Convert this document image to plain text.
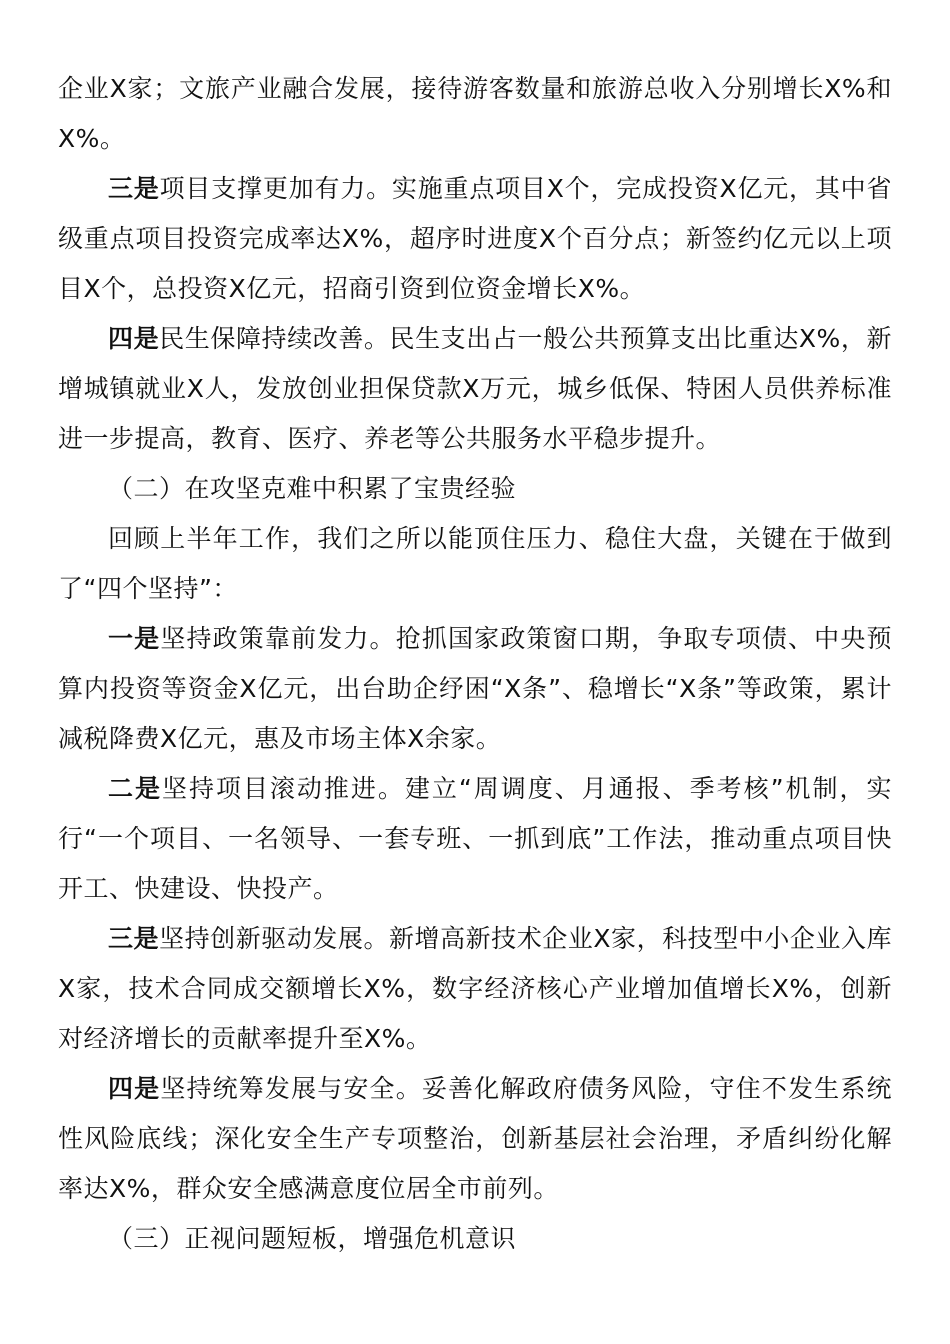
企业X家；文旅产业融合发展，接待游客数量和旅游总收入分别增长X%和X%。

三是项目支撑更加有力。实施重点项目X个，完成投资X亿元，其中省级重点项目投资完成率达X%，超序时进度X个百分点；新签约亿元以上项目X个，总投资X亿元，招商引资到位资金增长X%。

四是民生保障持续改善。民生支出占一般公共预算支出比重达X%，新增城镇就业X人，发放创业担保贷款X万元，城乡低保、特困人员供养标准进一步提高，教育、医疗、养老等公共服务水平稳步提升。

（二）在攻坚克难中积累了宝贵经验

回顾上半年工作，我们之所以能顶住压力、稳住大盘，关键在于做到了“四个坚持”：

一是坚持政策靠前发力。抢抓国家政策窗口期，争取专项债、中央预算内投资等资金X亿元，出台助企纾困“X条”、稳增长“X条”等政策，累计减税降费X亿元，惠及市场主体X余家。

二是坚持项目滚动推进。建立“周调度、月通报、季考核”机制，实行“一个项目、一名领导、一套专班、一抓到底”工作法，推动重点项目快开工、快建设、快投产。

三是坚持创新驱动发展。新增高新技术企业X家，科技型中小企业入库X家，技术合同成交额增长X%，数字经济核心产业增加值增长X%，创新对经济增长的贡献率提升至X%。

四是坚持统筹发展与安全。妥善化解政府债务风险，守住不发生系统性风险底线；深化安全生产专项整治，创新基层社会治理，矛盾纠纷化解率达X%，群众安全感满意度位居全市前列。

（三）正视问题短板，增强危机意识
